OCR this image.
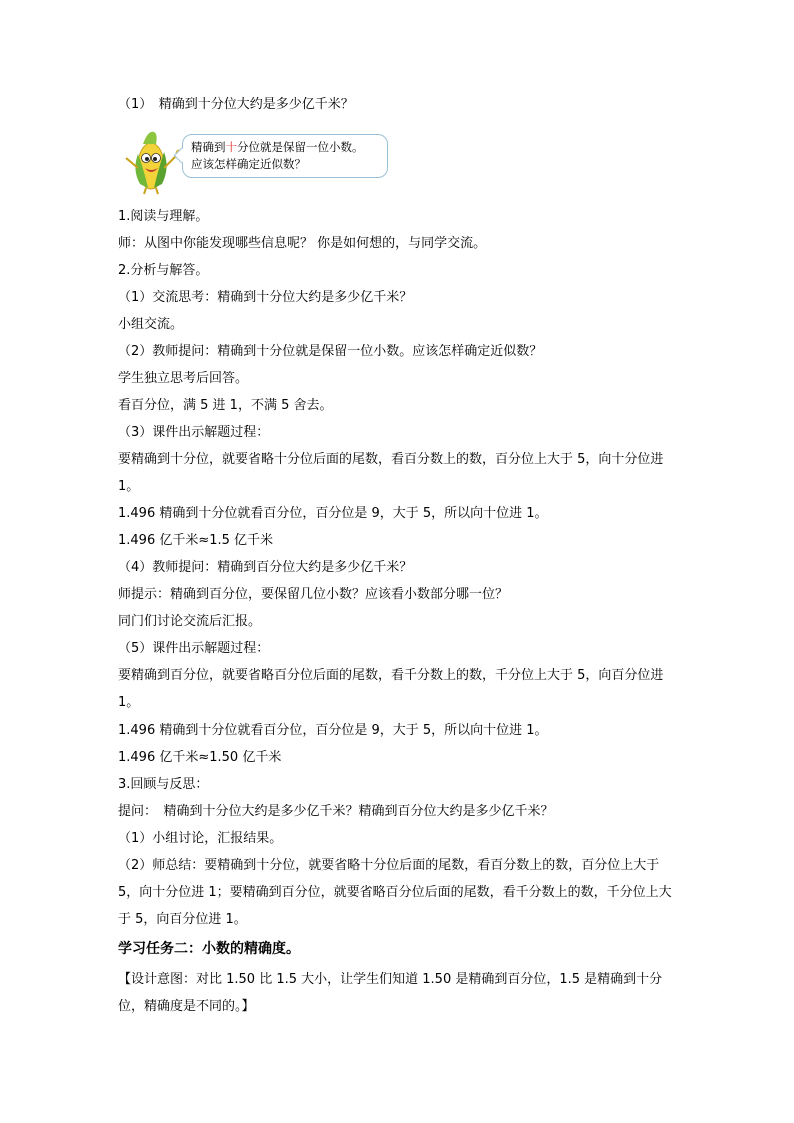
（1）　精确到十分位大约是多少亿千米？
精确到十分位就是保留一位小数。
应该怎样确定近似数？
1.阅读与理解。
师：从图中你能发现哪些信息呢？ 你是如何想的，与同学交流。
2.分析与解答。
（1）交流思考：精确到十分位大约是多少亿千米？
小组交流。
（2）教师提问：精确到十分位就是保留一位小数。应该怎样确定近似数？
学生独立思考后回答。
看百分位，满 5 进 1，不满 5 舍去。
（3）课件出示解题过程：
要精确到十分位，就要省略十分位后面的尾数，看百分数上的数，百分位上大于 5，向十分位进 1。
1.496 精确到十分位就看百分位，百分位是 9，大于 5，所以向十位进 1。
1.496 亿千米≈1.5 亿千米
（4）教师提问：精确到百分位大约是多少亿千米？
师提示：精确到百分位，要保留几位小数？应该看小数部分哪一位？
同门们讨论交流后汇报。
（5）课件出示解题过程：
要精确到百分位，就要省略百分位后面的尾数，看千分数上的数，千分位上大于 5，向百分位进 1。
1.496 精确到十分位就看百分位，百分位是 9，大于 5，所以向十位进 1。
1.496 亿千米≈1.50 亿千米
3.回顾与反思：
提问：　精确到十分位大约是多少亿千米？精确到百分位大约是多少亿千米？
（1）小组讨论，汇报结果。
（2）师总结：要精确到十分位，就要省略十分位后面的尾数，看百分数上的数，百分位上大于 5，向十分位进 1；要精确到百分位，就要省略百分位后面的尾数，看千分数上的数，千分位上大于 5，向百分位进 1。
学习任务二：小数的精确度。
【设计意图：对比 1.50 比 1.5 大小，让学生们知道 1.50 是精确到百分位，1.5 是精确到十分位，精确度是不同的。】
